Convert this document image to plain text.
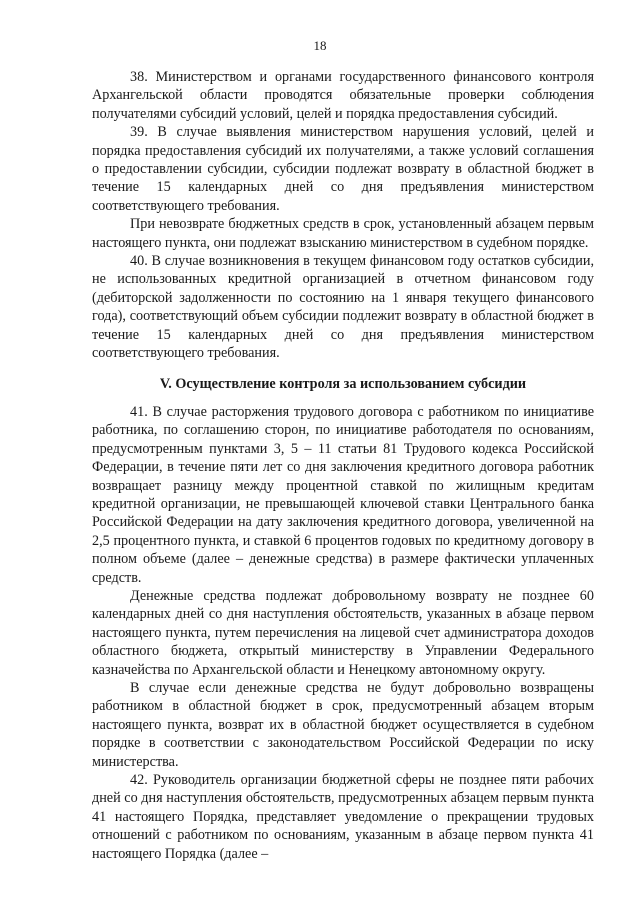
18

38. Министерством и органами государственного финансового контроля Архангельской области проводятся обязательные проверки соблюдения получателями субсидий условий, целей и порядка предоставления субсидий.

39. В случае выявления министерством нарушения условий, целей и порядка предоставления субсидий их получателями, а также условий соглашения о предоставлении субсидии, субсидии подлежат возврату в областной бюджет в течение 15 календарных дней со дня предъявления министерством соответствующего требования.

При невозврате бюджетных средств в срок, установленный абзацем первым настоящего пункта, они подлежат взысканию министерством в судебном порядке.

40. В случае возникновения в текущем финансовом году остатков субсидии, не использованных кредитной организацией в отчетном финансовом году (дебиторской задолженности по состоянию на 1 января текущего финансового года), соответствующий объем субсидии подлежит возврату в областной бюджет в течение 15 календарных дней со дня предъявления министерством соответствующего требования.

V. Осуществление контроля за использованием субсидии

41. В случае расторжения трудового договора с работником по инициативе работника, по соглашению сторон, по инициативе работодателя по основаниям, предусмотренным пунктами 3, 5 – 11 статьи 81 Трудового кодекса Российской Федерации, в течение пяти лет со дня заключения кредитного договора работник возвращает разницу между процентной ставкой по жилищным кредитам кредитной организации, не превышающей ключевой ставки Центрального банка Российской Федерации на дату заключения кредитного договора, увеличенной на 2,5 процентного пункта, и ставкой 6 процентов годовых по кредитному договору в полном объеме (далее – денежные средства) в размере фактически уплаченных средств.

Денежные средства подлежат добровольному возврату не позднее 60 календарных дней со дня наступления обстоятельств, указанных в абзаце первом настоящего пункта, путем перечисления на лицевой счет администратора доходов областного бюджета, открытый министерству в Управлении Федерального казначейства по Архангельской области и Ненецкому автономному округу.

В случае если денежные средства не будут добровольно возвращены работником в областной бюджет в срок, предусмотренный абзацем вторым настоящего пункта, возврат их в областной бюджет осуществляется в судебном порядке в соответствии с законодательством Российской Федерации по иску министерства.

42. Руководитель организации бюджетной сферы не позднее пяти рабочих дней со дня наступления обстоятельств, предусмотренных абзацем первым пункта 41 настоящего Порядка, представляет уведомление о прекращении трудовых отношений с работником по основаниям, указанным в абзаце первом пункта 41 настоящего Порядка (далее –
